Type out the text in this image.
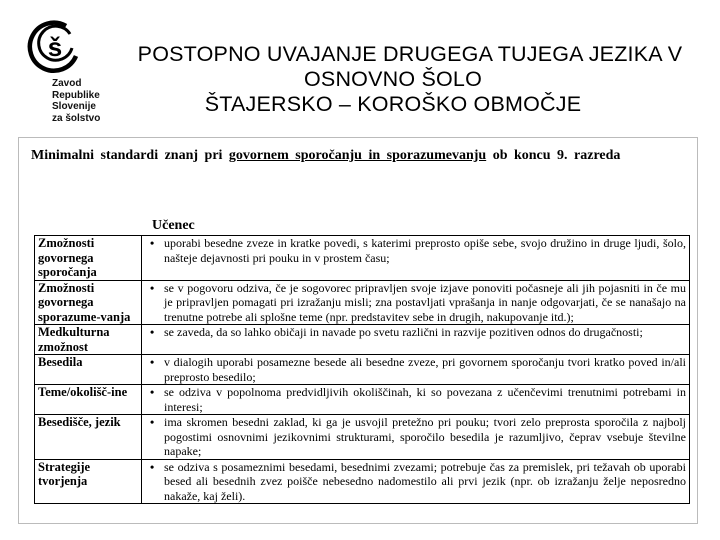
š
Zavod
Republike
Slovenije
za šolstvo
POSTOPNO UVAJANJE DRUGEGA TUJEGA JEZIKA V
OSNOVNO ŠOLO
ŠTAJERSKO – KOROŠKO OBMOČJE
Minimalni standardi znanj pri govornem sporočanju in sporazumevanju ob koncu 9. razreda
Učenec
Zmožnosti govornega sporočanja	• uporabi besedne zveze in kratke povedi, s katerimi preprosto opiše sebe, svojo družino in druge ljudi, šolo, našteje dejavnosti pri pouku in v prostem času;
Zmožnosti govornega sporazume-vanja	• se v pogovoru odziva, če je sogovorec pripravljen svoje izjave ponoviti počasneje ali jih pojasniti in če mu je pripravljen pomagati pri izražanju misli; zna postavljati vprašanja in nanje odgovarjati, če se nanašajo na trenutne potrebe ali splošne teme (npr. predstavitev sebe in drugih, nakupovanje itd.);
Medkulturna zmožnost	• se zaveda, da so lahko običaji in navade po svetu različni in razvije pozitiven odnos do drugačnosti;
Besedila	• v dialogih uporabi posamezne besede ali besedne zveze, pri govornem sporočanju tvori kratko poved in/ali preprosto besedilo;
Teme/okolišč-ine	• se odziva v popolnoma predvidljivih okoliščinah, ki so povezana z učenčevimi trenutnimi potrebami in interesi;
Besedišče, jezik	• ima skromen besedni zaklad, ki ga je usvojil pretežno pri pouku; tvori zelo preprosta sporočila z najbolj pogostimi osnovnimi jezikovnimi strukturami, sporočilo besedila je razumljivo, čeprav vsebuje številne napake;
Strategije tvorjenja	• se odziva s posameznimi besedami, besednimi zvezami; potrebuje čas za premislek, pri težavah ob uporabi besed ali besednih zvez poišče nebesedno nadomestilo ali prvi jezik (npr. ob izražanju želje neposredno nakaže, kaj želi).
